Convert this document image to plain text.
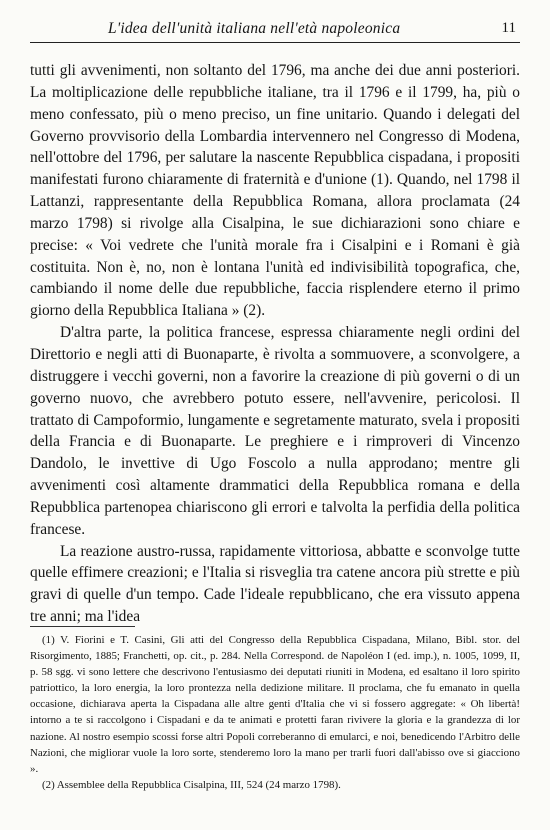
L'idea dell'unità italiana nell'età napoleonica	11

tutti gli avvenimenti, non soltanto del 1796, ma anche dei due anni posteriori. La moltiplicazione delle repubbliche italiane, tra il 1796 e il 1799, ha, più o meno confessato, più o meno preciso, un fine unitario. Quando i delegati del Governo provvisorio della Lombardia intervennero nel Congresso di Modena, nell'ottobre del 1796, per salutare la nascente Repubblica cispadana, i propositi manifestati furono chiaramente di fraternità e d'unione (1). Quando, nel 1798 il Lattanzi, rappresentante della Repubblica Romana, allora proclamata (24 marzo 1798) si rivolge alla Cisalpina, le sue dichiarazioni sono chiare e precise: « Voi vedrete che l'unità morale fra i Cisalpini e i Romani è già costituita. Non è, no, non è lontana l'unità ed indivisibilità topografica, che, cambiando il nome delle due repubbliche, faccia risplendere eterno il primo giorno della Repubblica Italiana » (2).

D'altra parte, la politica francese, espressa chiaramente negli ordini del Direttorio e negli atti di Buonaparte, è rivolta a sommuovere, a sconvolgere, a distruggere i vecchi governi, non a favorire la creazione di più governi o di un governo nuovo, che avrebbero potuto essere, nell'avvenire, pericolosi. Il trattato di Campoformio, lungamente e segretamente maturato, svela i propositi della Francia e di Buonaparte. Le preghiere e i rimproveri di Vincenzo Dandolo, le invettive di Ugo Foscolo a nulla approdano; mentre gli avvenimenti così altamente drammatici della Repubblica romana e della Repubblica partenopea chiariscono gli errori e talvolta la perfidia della politica francese.

La reazione austro-russa, rapidamente vittoriosa, abbatte e sconvolge tutte quelle effimere creazioni; e l'Italia si risveglia tra catene ancora più strette e più gravi di quelle d'un tempo. Cade l'ideale repubblicano, che era vissuto appena tre anni; ma l'idea

(1) V. Fiorini e T. Casini, Gli atti del Congresso della Repubblica Cispadana, Milano, Bibl. stor. del Risorgimento, 1885; Franchetti, op. cit., p. 284. Nella Correspond. de Napoléon I (ed. imp.), n. 1005, 1099, II, p. 58 sgg. vi sono lettere che descrivono l'entusiasmo dei deputati riuniti in Modena, ed esaltano il loro spirito patriottico, la loro energia, la loro prontezza nella dedizione militare. Il proclama, che fu emanato in quella occasione, dichiarava aperta la Cispadana alle altre genti d'Italia che vi si fossero aggregate: « Oh libertà! intorno a te si raccolgono i Cispadani e da te animati e protetti faran rivivere la gloria e la grandezza di lor nazione. Al nostro esempio scossi forse altri Popoli correberanno di emularci, e noi, benedicendo l'Arbitro delle Nazioni, che migliorar vuole la loro sorte, stenderemo loro la mano per trarli fuori dall'abisso ove si giacciono ».

(2) Assemblee della Repubblica Cisalpina, III, 524 (24 marzo 1798).
